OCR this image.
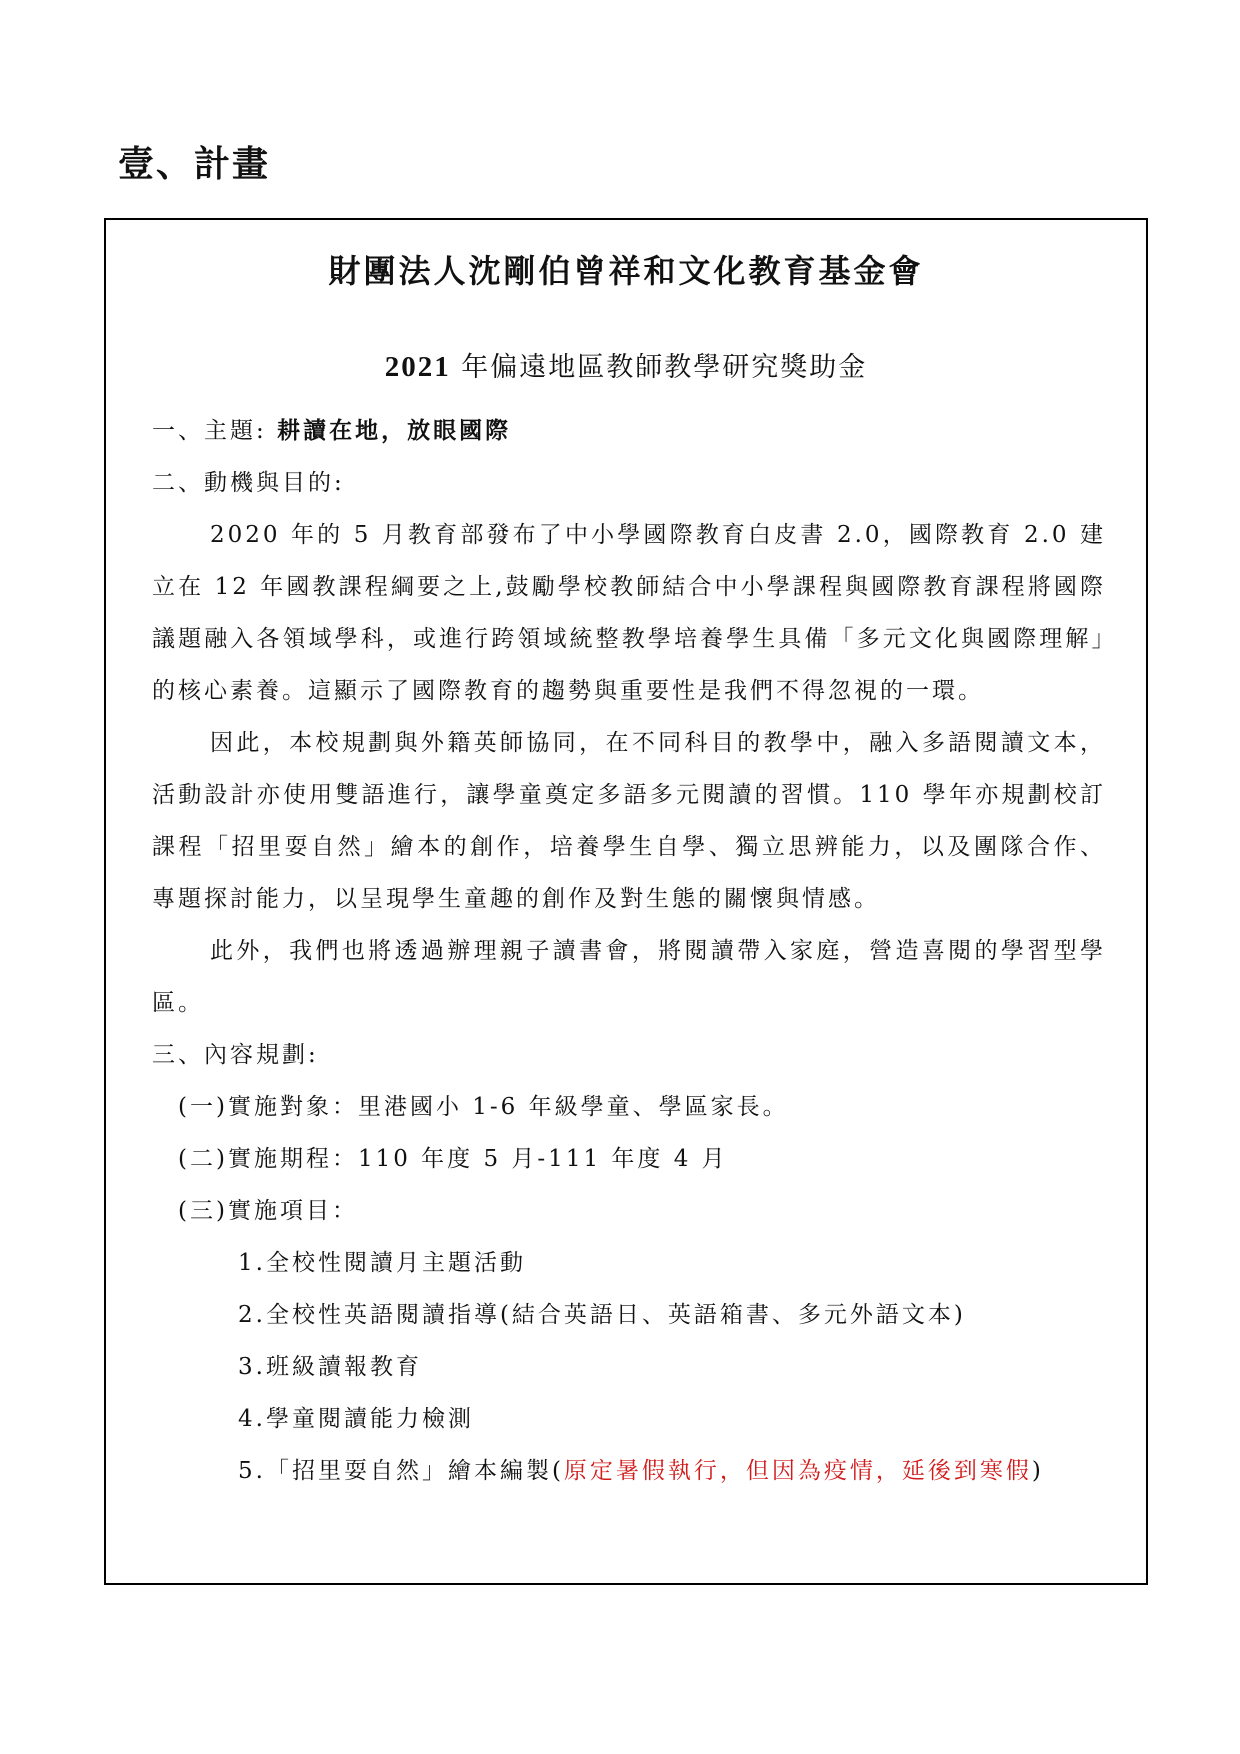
壹、計畫
財團法人沈剛伯曾祥和文化教育基金會
2021 年偏遠地區教師教學研究獎助金

一、主題: 耕讀在地，放眼國際

二、動機與目的:

2020 年的 5 月教育部發布了中小學國際教育白皮書 2.0，國際教育 2.0 建立在 12 年國教課程綱要之上,鼓勵學校教師結合中小學課程與國際教育課程將國際議題融入各領域學科，或進行跨領域統整教學培養學生具備「多元文化與國際理解」的核心素養。這顯示了國際教育的趨勢與重要性是我們不得忽視的一環。

因此，本校規劃與外籍英師協同，在不同科目的教學中，融入多語閱讀文本，活動設計亦使用雙語進行，讓學童奠定多語多元閱讀的習慣。110 學年亦規劃校訂課程「招里耍自然」繪本的創作，培養學生自學、獨立思辨能力，以及團隊合作、專題探討能力，以呈現學生童趣的創作及對生態的關懷與情感。

此外，我們也將透過辦理親子讀書會，將閱讀帶入家庭，營造喜閱的學習型學區。

三、內容規劃:

(一)實施對象：里港國小 1-6 年級學童、學區家長。

(二)實施期程：110 年度 5 月-111 年度 4 月

(三)實施項目：

1.全校性閱讀月主題活動

2.全校性英語閱讀指導(結合英語日、英語箱書、多元外語文本)

3.班級讀報教育

4.學童閱讀能力檢測

5.「招里耍自然」繪本編製(原定暑假執行，但因為疫情，延後到寒假)
